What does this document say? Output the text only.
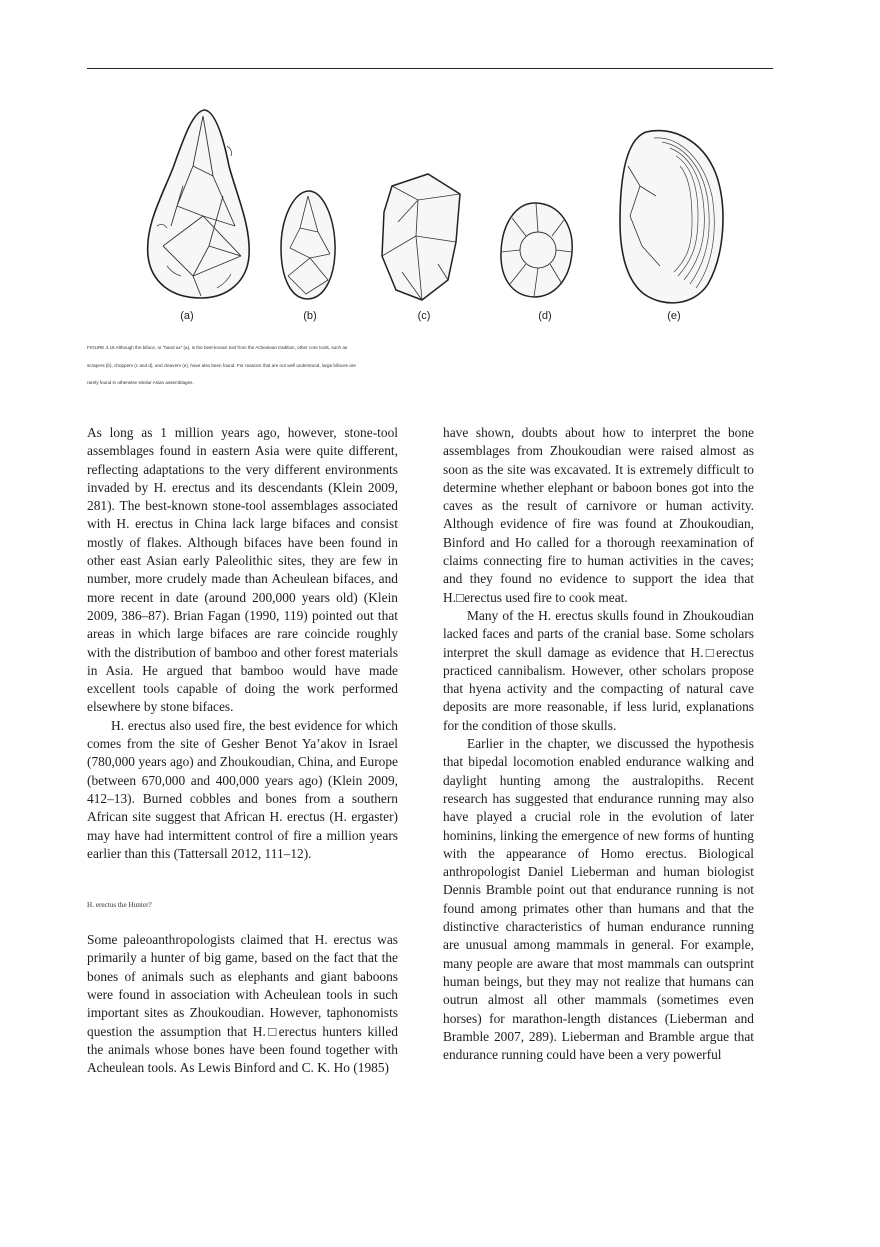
(a)	(b)	(c)	(d)	(e)
FIGURE 4.18 Although the biface, or “hand ax” (a), is the best-known tool from the Acheulean tradition, other core tools, such as
scrapers (b), choppers (c and d), and cleavers (e), have also been found. For reasons that are not well understood, large bifaces are
rarely found in otherwise similar Asian assemblages.

As long as 1 million years ago, however, stone-tool assemblages found in eastern Asia were quite different, reflecting adaptations to the very different environments invaded by H. erectus and its descendants (Klein 2009, 281). The best-known stone-tool assemblages associated with H. erectus in China lack large bifaces and consist mostly of flakes. Although bifaces have been found in other east Asian early Paleolithic sites, they are few in number, more crudely made than Acheulean bifaces, and more recent in date (around 200,000 years old) (Klein 2009, 386–87). Brian Fagan (1990, 119) pointed out that areas in which large bifaces are rare coincide roughly with the distribution of bamboo and other forest materials in Asia. He argued that bamboo would have made excellent tools capable of doing the work performed elsewhere by stone bifaces.

H. erectus also used fire, the best evidence for which comes from the site of Gesher Benot Ya’akov in Israel (780,000 years ago) and Zhoukoudian, China, and Europe (between 670,000 and 400,000 years ago) (Klein 2009, 412–13). Burned cobbles and bones from a southern African site suggest that African H. erectus (H. ergaster) may have had intermittent control of fire a million years earlier than this (Tattersall 2012, 111–12).

H. erectus the Hunter?

Some paleoanthropologists claimed that H. erectus was primarily a hunter of big game, based on the fact that the bones of animals such as elephants and giant baboons were found in association with Acheulean tools in such important sites as Zhoukoudian. However, taphonomists question the assumption that H.□erectus hunters killed the animals whose bones have been found together with Acheulean tools. As Lewis Binford and C. K. Ho (1985)

have shown, doubts about how to interpret the bone assemblages from Zhoukoudian were raised almost as soon as the site was excavated. It is extremely difficult to determine whether elephant or baboon bones got into the caves as the result of carnivore or human activity. Although evidence of fire was found at Zhoukoudian, Binford and Ho called for a thorough reexamination of claims connecting fire to human activities in the caves; and they found no evidence to support the idea that H.□erectus used fire to cook meat.

Many of the H. erectus skulls found in Zhoukoudian lacked faces and parts of the cranial base. Some scholars interpret the skull damage as evidence that H.□erectus practiced cannibalism. However, other scholars propose that hyena activity and the compacting of natural cave deposits are more reasonable, if less lurid, explanations for the condition of those skulls.

Earlier in the chapter, we discussed the hypothesis that bipedal locomotion enabled endurance walking and daylight hunting among the australopiths. Recent research has suggested that endurance running may also have played a crucial role in the evolution of later hominins, linking the emergence of new forms of hunting with the appearance of Homo erectus. Biological anthropologist Daniel Lieberman and human biologist Dennis Bramble point out that endurance running is not found among primates other than humans and that the distinctive characteristics of human endurance running are unusual among mammals in general. For example, many people are aware that most mammals can outsprint human beings, but they may not realize that humans can outrun almost all other mammals (sometimes even horses) for marathon-length distances (Lieberman and Bramble 2007, 289). Lieberman and Bramble argue that endurance running could have been a very powerful
